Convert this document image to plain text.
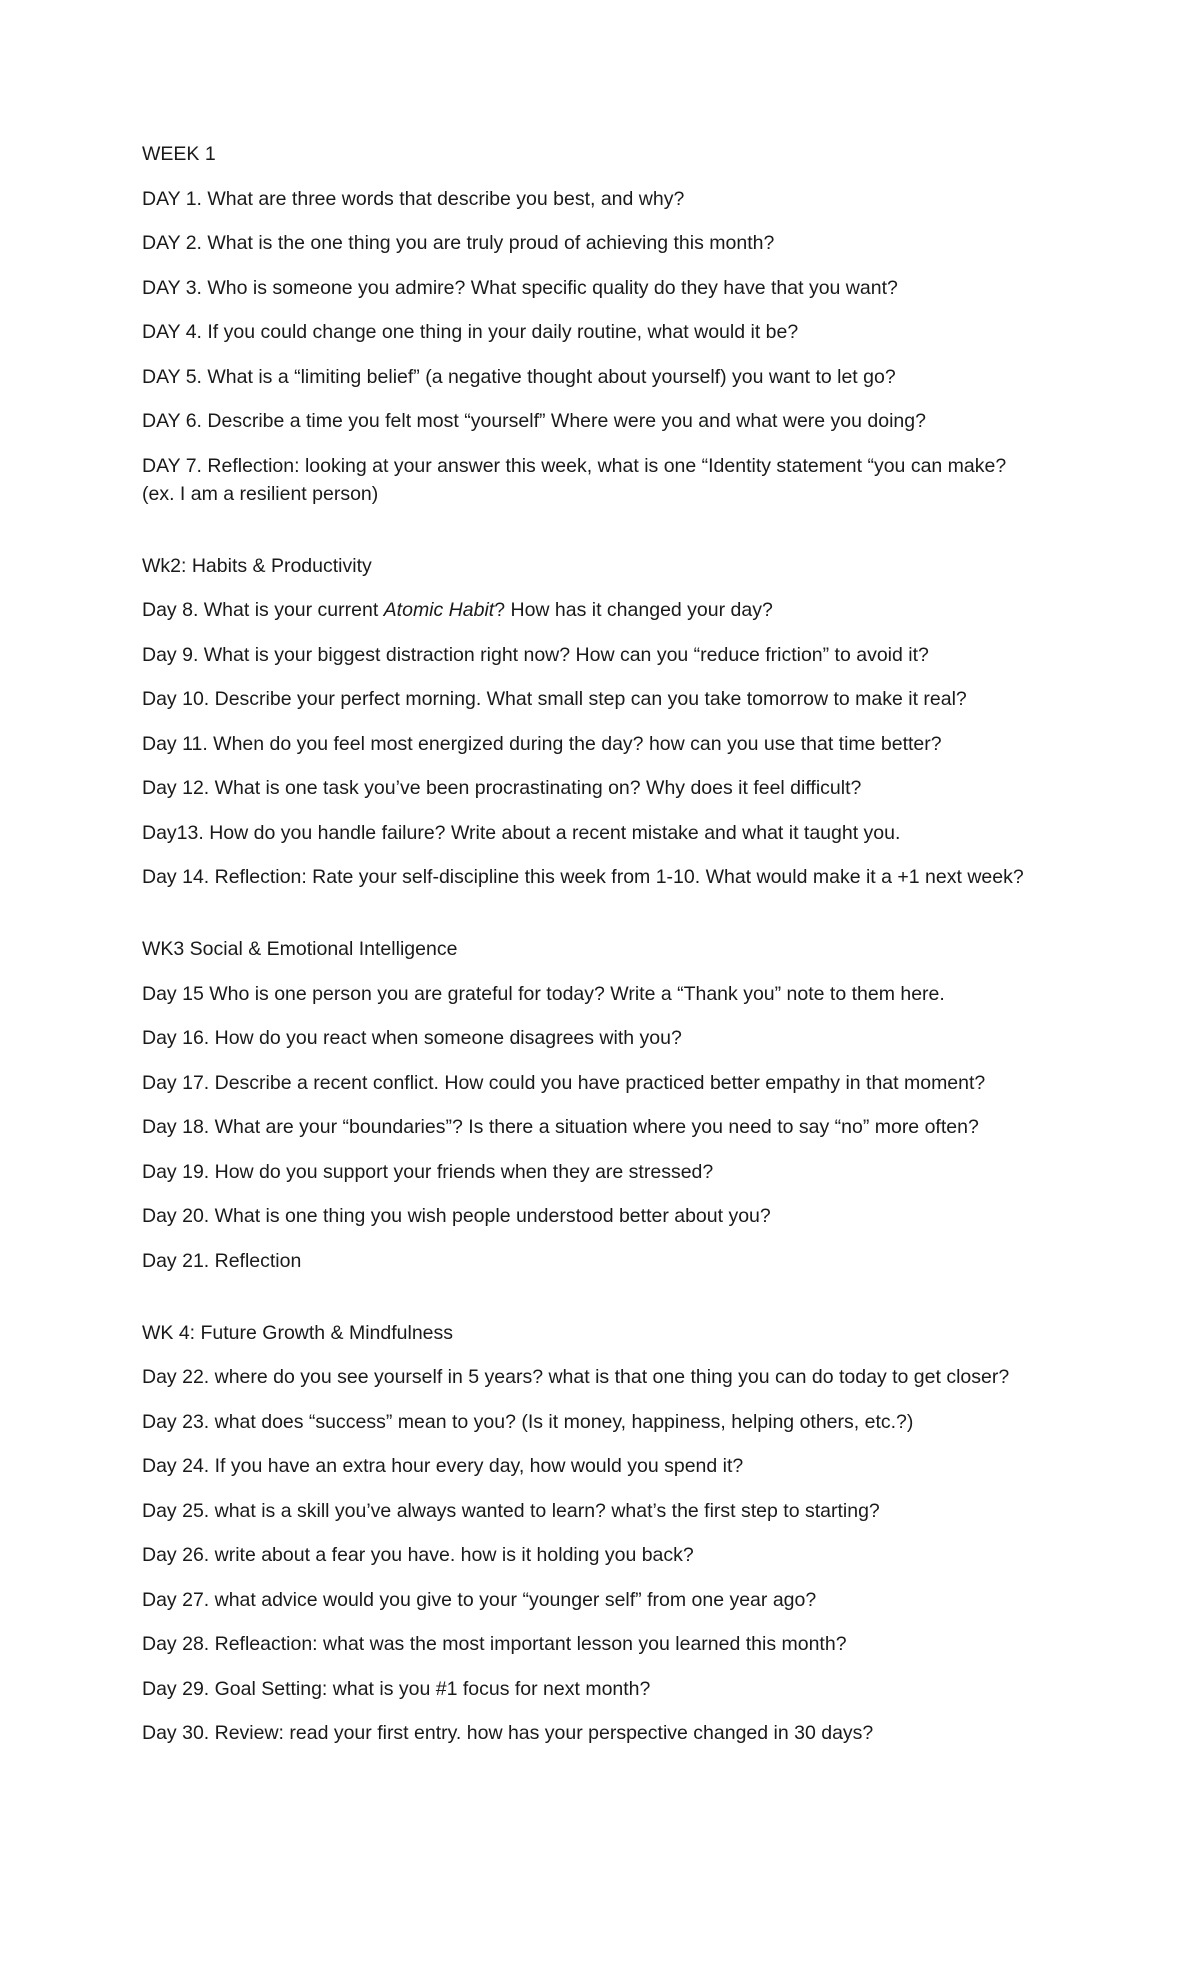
WEEK 1
DAY 1. What are three words that describe you best, and why?
DAY 2. What is the one thing you are truly proud of achieving this month?
DAY 3. Who is someone you admire? What specific quality do they have that you want?
DAY 4. If you could change one thing in your daily routine, what would it be?
DAY 5. What is a “limiting belief” (a negative thought about yourself) you want to let go?
DAY 6. Describe a time you felt most “yourself” Where were you and what were you doing?
DAY 7. Reflection: looking at your answer this week, what is one “Identity statement “you can make?
(ex. I am a resilient person)
Wk2: Habits & Productivity
Day 8. What is your current Atomic Habit? How has it changed your day?
Day 9. What is your biggest distraction right now? How can you “reduce friction” to avoid it?
Day 10. Describe your perfect morning. What small step can you take tomorrow to make it real?
Day 11. When do you feel most energized during the day? how can you use that time better?
Day 12. What is one task you’ve been procrastinating on? Why does it feel difficult?
Day13. How do you handle failure? Write about a recent mistake and what it taught you.
Day 14. Reflection: Rate your self-discipline this week from 1-10. What would make it a +1 next week?
WK3 Social & Emotional Intelligence
Day 15 Who is one person you are grateful for today? Write a “Thank you” note to them here.
Day 16. How do you react when someone disagrees with you?
Day 17. Describe a recent conflict. How could you have practiced better empathy in that moment?
Day 18. What are your “boundaries”? Is there a situation where you need to say “no” more often?
Day 19. How do you support your friends when they are stressed?
Day 20. What is one thing you wish people understood better about you?
Day 21. Reflection
WK 4: Future Growth & Mindfulness
Day 22. where do you see yourself in 5 years? what is that one thing you can do today to get closer?
Day 23. what does “success” mean to you? (Is it money, happiness, helping others, etc.?)
Day 24. If you have an extra hour every day, how would you spend it?
Day 25. what is a skill you’ve always wanted to learn? what’s the first step to starting?
Day 26. write about a fear you have. how is it holding you back?
Day 27. what advice would you give to your “younger self” from one year ago?
Day 28. Refleaction: what was the most important lesson you learned this month?
Day 29. Goal Setting: what is you #1 focus for next month?
Day 30. Review: read your first entry. how has your perspective changed in 30 days?
